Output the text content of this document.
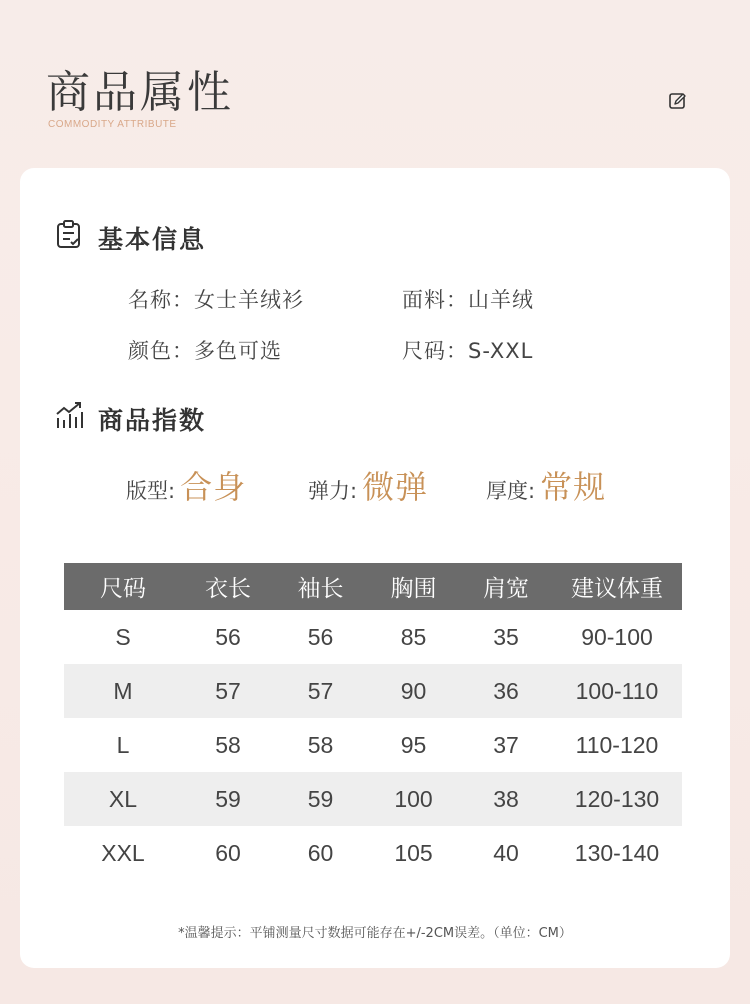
商品属性
COMMODITY ATTRIBUTE
基本信息
名称：女士羊绒衫	面料：山羊绒
颜色：多色可选	尺码：S-XXL
商品指数
版型: 合身	弹力: 微弹	厚度: 常规
尺码	衣长	袖长	胸围	肩宽	建议体重
S	56	56	85	35	90-100
M	57	57	90	36	100-110
L	58	58	95	37	110-120
XL	59	59	100	38	120-130
XXL	60	60	105	40	130-140
*温馨提示：平铺测量尺寸数据可能存在+/-2CM误差。（单位：CM）
